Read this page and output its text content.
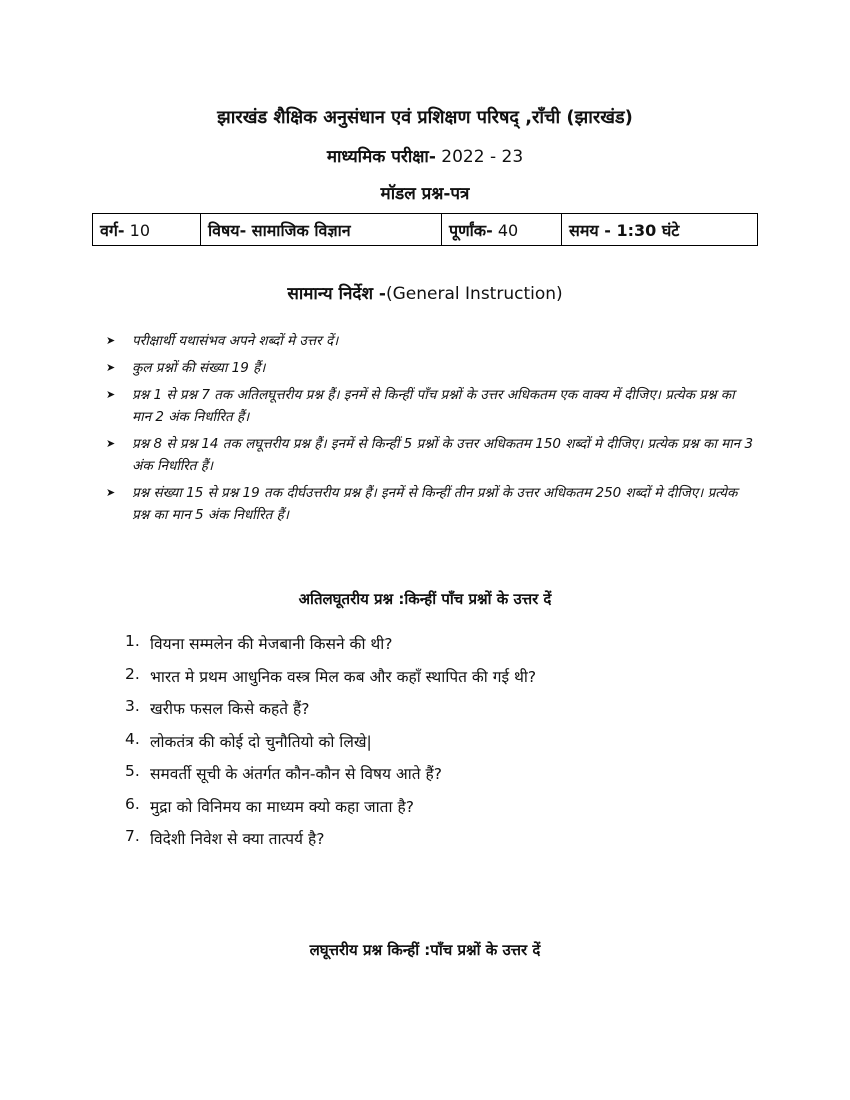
झारखंड शैक्षिक अनुसंधान एवं प्रशिक्षण परिषद् ,राँची (झारखंड)
माध्यमिक परीक्षा- 2022 - 23
मॉडल प्रश्न-पत्र
वर्ग- 10	विषय- सामाजिक विज्ञान	पूर्णांक- 40	समय - 1:30 घंटे
सामान्य निर्देश -(General Instruction)
➤ परीक्षार्थी यथासंभव अपने शब्दों मे उत्तर दें।
➤ कुल प्रश्नों की संख्या 19 हैं।
➤ प्रश्न 1 से प्रश्न 7 तक अतिलघूत्तरीय प्रश्न हैं। इनमें से किन्हीं पाँच प्रश्नों के उत्तर अधिकतम एक वाक्य में दीजिए। प्रत्येक प्रश्न का मान 2 अंक निर्धारित हैं।
➤ प्रश्न 8 से प्रश्न 14 तक लघूत्तरीय प्रश्न हैं। इनमें से किन्हीं 5 प्रश्नों के उत्तर अधिकतम 150 शब्दों मे दीजिए। प्रत्येक प्रश्न का मान 3 अंक निर्धारित हैं।
➤ प्रश्न संख्या 15 से प्रश्न 19 तक दीर्घउत्तरीय प्रश्न हैं। इनमें से किन्हीं तीन प्रश्नों के उत्तर अधिकतम 250 शब्दों मे दीजिए। प्रत्येक प्रश्न का मान 5 अंक निर्धारित हैं।
अतिलघूतरीय प्रश्न :किन्हीं पाँच प्रश्नों के उत्तर दें
1. वियना सम्मलेन की मेजबानी किसने की थी?
2. भारत मे प्रथम आधुनिक वस्त्र मिल कब और कहाँ स्थापित की गई थी?
3. खरीफ फसल किसे कहते हैं?
4. लोकतंत्र की कोई दो चुनौतियो को लिखे|
5. समवर्ती सूची के अंतर्गत कौन-कौन से विषय आते हैं?
6. मुद्रा को विनिमय का माध्यम क्यो कहा जाता है?
7. विदेशी निवेश से क्या तात्पर्य है?
लघूत्तरीय प्रश्न किन्हीं :पाँच प्रश्नों के उत्तर दें
